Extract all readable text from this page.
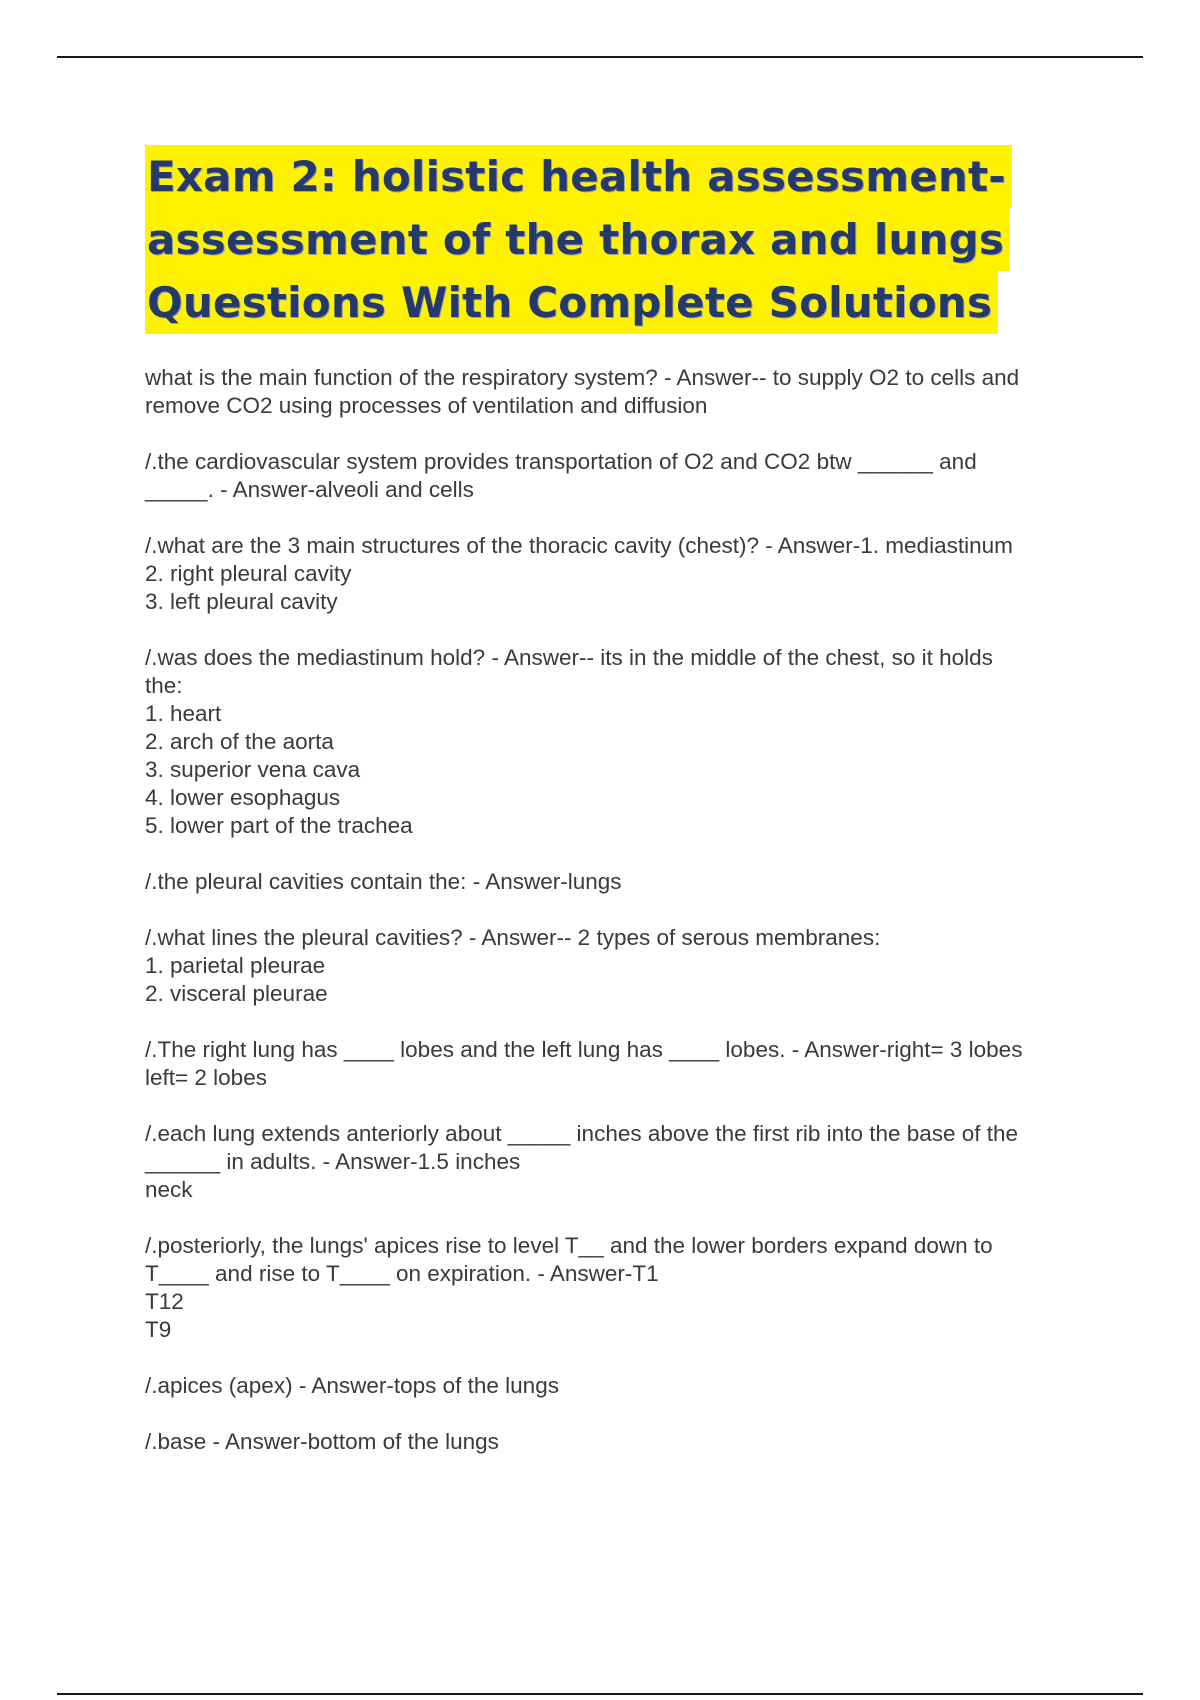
Exam 2: holistic health assessment-
assessment of the thorax and lungs
Questions With Complete Solutions
what is the main function of the respiratory system? - Answer-- to supply O2 to cells and
remove CO2 using processes of ventilation and diffusion
/.the cardiovascular system provides transportation of O2 and CO2 btw ______ and
_____. - Answer-alveoli and cells
/.what are the 3 main structures of the thoracic cavity (chest)? - Answer-1. mediastinum
2. right pleural cavity
3. left pleural cavity
/.was does the mediastinum hold? - Answer-- its in the middle of the chest, so it holds
the:
1. heart
2. arch of the aorta
3. superior vena cava
4. lower esophagus
5. lower part of the trachea
/.the pleural cavities contain the: - Answer-lungs
/.what lines the pleural cavities? - Answer-- 2 types of serous membranes:
1. parietal pleurae
2. visceral pleurae
/.The right lung has ____ lobes and the left lung has ____ lobes. - Answer-right= 3 lobes
left= 2 lobes
/.each lung extends anteriorly about _____ inches above the first rib into the base of the
______ in adults. - Answer-1.5 inches
neck
/.posteriorly, the lungs' apices rise to level T__ and the lower borders expand down to
T____ and rise to T____ on expiration. - Answer-T1
T12
T9
/.apices (apex) - Answer-tops of the lungs
/.base - Answer-bottom of the lungs
